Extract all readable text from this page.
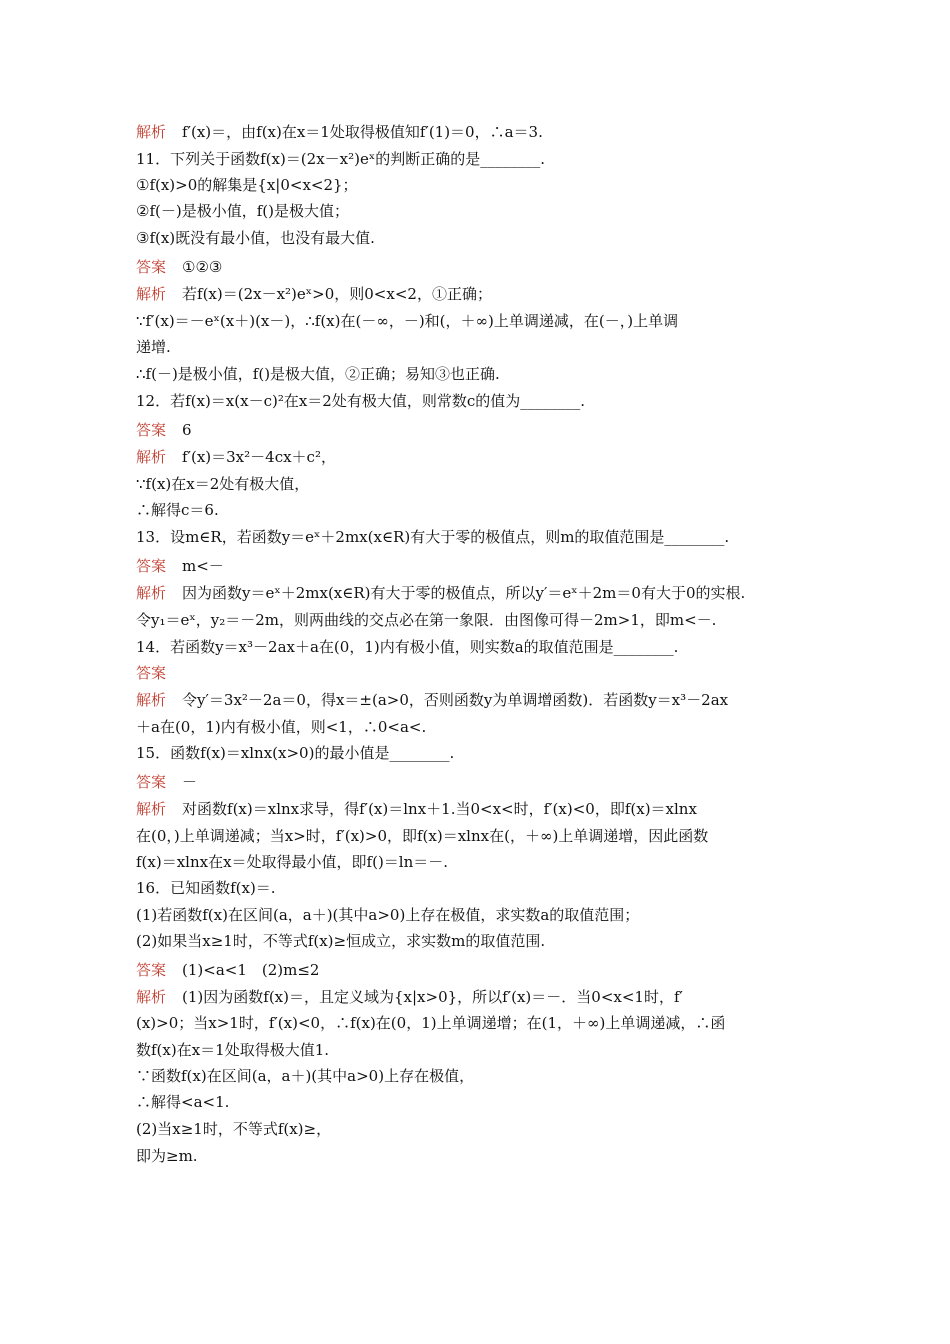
解析 f′(x)＝，由f(x)在x＝1处取得极值知f′(1)＝0，∴a＝3.

11．下列关于函数f(x)＝(2x－x²)eˣ的判断正确的是________.

①f(x)>0的解集是{x|0<x<2}；

②f(－)是极小值，f()是极大值；

③f(x)既没有最小值，也没有最大值.

答案 ①②③

解析 若f(x)＝(2x－x²)eˣ>0，则0<x<2，①正确；

∵f′(x)＝－eˣ(x＋)(x－)，∴f(x)在(－∞，－)和(，＋∞)上单调递减，在(－，)上单调

递增.

∴f(－)是极小值，f()是极大值，②正确；易知③也正确.

12．若f(x)＝x(x－c)²在x＝2处有极大值，则常数c的值为________.

答案 6

解析 f′(x)＝3x²－4cx＋c²，

∵f(x)在x＝2处有极大值，

∴解得c＝6.

13．设m∈R，若函数y＝eˣ＋2mx(x∈R)有大于零的极值点，则m的取值范围是________.

答案 m<－

解析 因为函数y＝eˣ＋2mx(x∈R)有大于零的极值点，所以y′＝eˣ＋2m＝0有大于0的实根.

令y₁＝eˣ，y₂＝－2m，则两曲线的交点必在第一象限．由图像可得－2m>1，即m<－.

14．若函数y＝x³－2ax＋a在(0，1)内有极小值，则实数a的取值范围是________.

答案

解析 令y′＝3x²－2a＝0，得x＝±(a>0，否则函数y为单调增函数)．若函数y＝x³－2ax

＋a在(0，1)内有极小值，则<1，∴0<a<.

15．函数f(x)＝xlnx(x>0)的最小值是________.

答案 －

解析 对函数f(x)＝xlnx求导，得f′(x)＝lnx＋1.当0<x<时，f′(x)<0，即f(x)＝xlnx

在(0，)上单调递减；当x>时，f′(x)>0，即f(x)＝xlnx在(，＋∞)上单调递增，因此函数

f(x)＝xlnx在x＝处取得最小值，即f()＝ln＝－.

16．已知函数f(x)＝.

(1)若函数f(x)在区间(a，a＋)(其中a>0)上存在极值，求实数a的取值范围；

(2)如果当x≥1时，不等式f(x)≥恒成立，求实数m的取值范围.

答案 (1)<a<1　(2)m≤2

解析 (1)因为函数f(x)＝，且定义域为{x|x>0}，所以f′(x)＝－．当0<x<1时，f′

(x)>0；当x>1时，f′(x)<0，∴f(x)在(0，1)上单调递增；在(1，＋∞)上单调递减，∴函

数f(x)在x＝1处取得极大值1.

∵函数f(x)在区间(a，a＋)(其中a>0)上存在极值，

∴解得<a<1.

(2)当x≥1时，不等式f(x)≥，

即为≥m.
